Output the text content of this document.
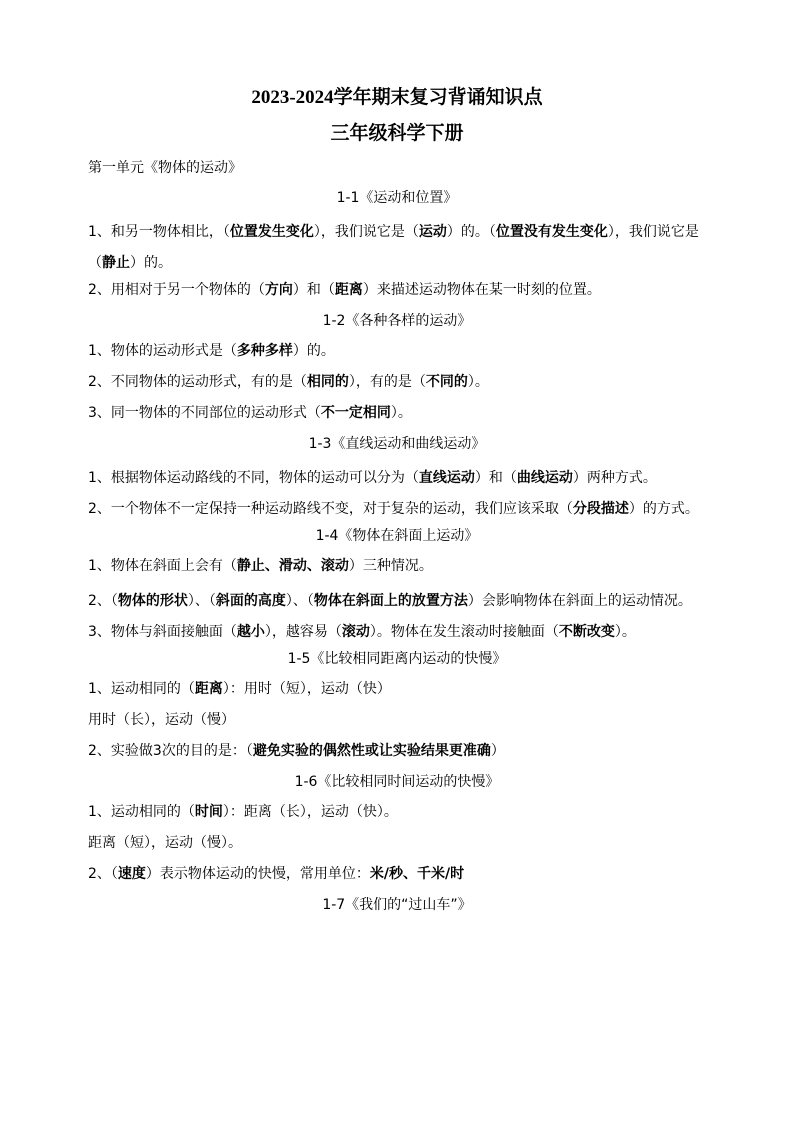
2023-2024学年期末复习背诵知识点
三年级科学下册
第一单元《物体的运动》
1-1《运动和位置》
1、和另一物体相比，（位置发生变化），我们说它是（运动）的。（位置没有发生变化），我们说它是（静止）的。
2、用相对于另一个物体的（方向）和（距离）来描述运动物体在某一时刻的位置。
1-2《各种各样的运动》
1、物体的运动形式是（多种多样）的。
2、不同物体的运动形式，有的是（相同的），有的是（不同的）。
3、同一物体的不同部位的运动形式（不一定相同）。
1-3《直线运动和曲线运动》
1、根据物体运动路线的不同，物体的运动可以分为（直线运动）和（曲线运动）两种方式。
2、一个物体不一定保持一种运动路线不变，对于复杂的运动，我们应该采取（分段描述）的方式。
1-4《物体在斜面上运动》
1、物体在斜面上会有（静止、滑动、滚动）三种情况。
2、（物体的形状）、（斜面的高度）、（物体在斜面上的放置方法）会影响物体在斜面上的运动情况。
3、物体与斜面接触面（越小），越容易（滚动）。物体在发生滚动时接触面（不断改变）。
1-5《比较相同距离内运动的快慢》
1、运动相同的（距离）：用时（短），运动（快）
用时（长），运动（慢）
2、实验做3次的目的是：（避免实验的偶然性或让实验结果更准确）
1-6《比较相同时间运动的快慢》
1、运动相同的（时间）：距离（长），运动（快）。
距离（短），运动（慢）。
2、（速度）表示物体运动的快慢，常用单位：米/秒、千米/时
1-7《我们的“过山车”》
